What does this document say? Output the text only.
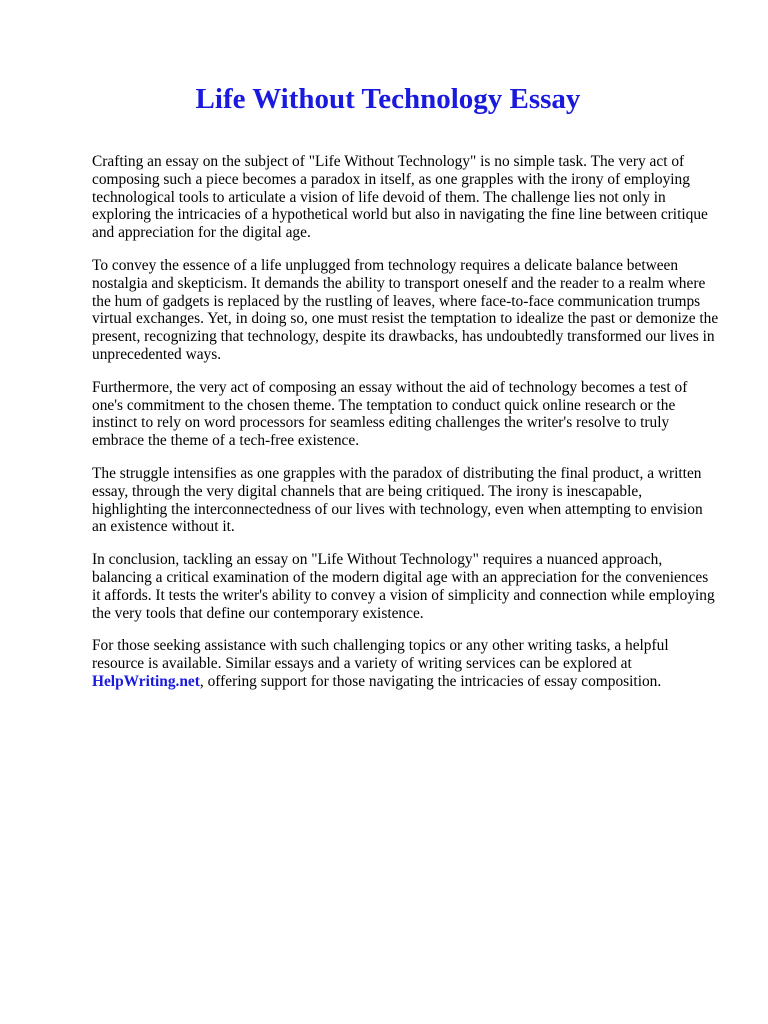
Life Without Technology Essay

Crafting an essay on the subject of "Life Without Technology" is no simple task. The very act of composing such a piece becomes a paradox in itself, as one grapples with the irony of employing technological tools to articulate a vision of life devoid of them. The challenge lies not only in exploring the intricacies of a hypothetical world but also in navigating the fine line between critique and appreciation for the digital age.

To convey the essence of a life unplugged from technology requires a delicate balance between nostalgia and skepticism. It demands the ability to transport oneself and the reader to a realm where the hum of gadgets is replaced by the rustling of leaves, where face-to-face communication trumps virtual exchanges. Yet, in doing so, one must resist the temptation to idealize the past or demonize the present, recognizing that technology, despite its drawbacks, has undoubtedly transformed our lives in unprecedented ways.

Furthermore, the very act of composing an essay without the aid of technology becomes a test of one's commitment to the chosen theme. The temptation to conduct quick online research or the instinct to rely on word processors for seamless editing challenges the writer's resolve to truly embrace the theme of a tech-free existence.

The struggle intensifies as one grapples with the paradox of distributing the final product, a written essay, through the very digital channels that are being critiqued. The irony is inescapable, highlighting the interconnectedness of our lives with technology, even when attempting to envision an existence without it.

In conclusion, tackling an essay on "Life Without Technology" requires a nuanced approach, balancing a critical examination of the modern digital age with an appreciation for the conveniences it affords. It tests the writer's ability to convey a vision of simplicity and connection while employing the very tools that define our contemporary existence.

For those seeking assistance with such challenging topics or any other writing tasks, a helpful resource is available. Similar essays and a variety of writing services can be explored at HelpWriting.net, offering support for those navigating the intricacies of essay composition.
